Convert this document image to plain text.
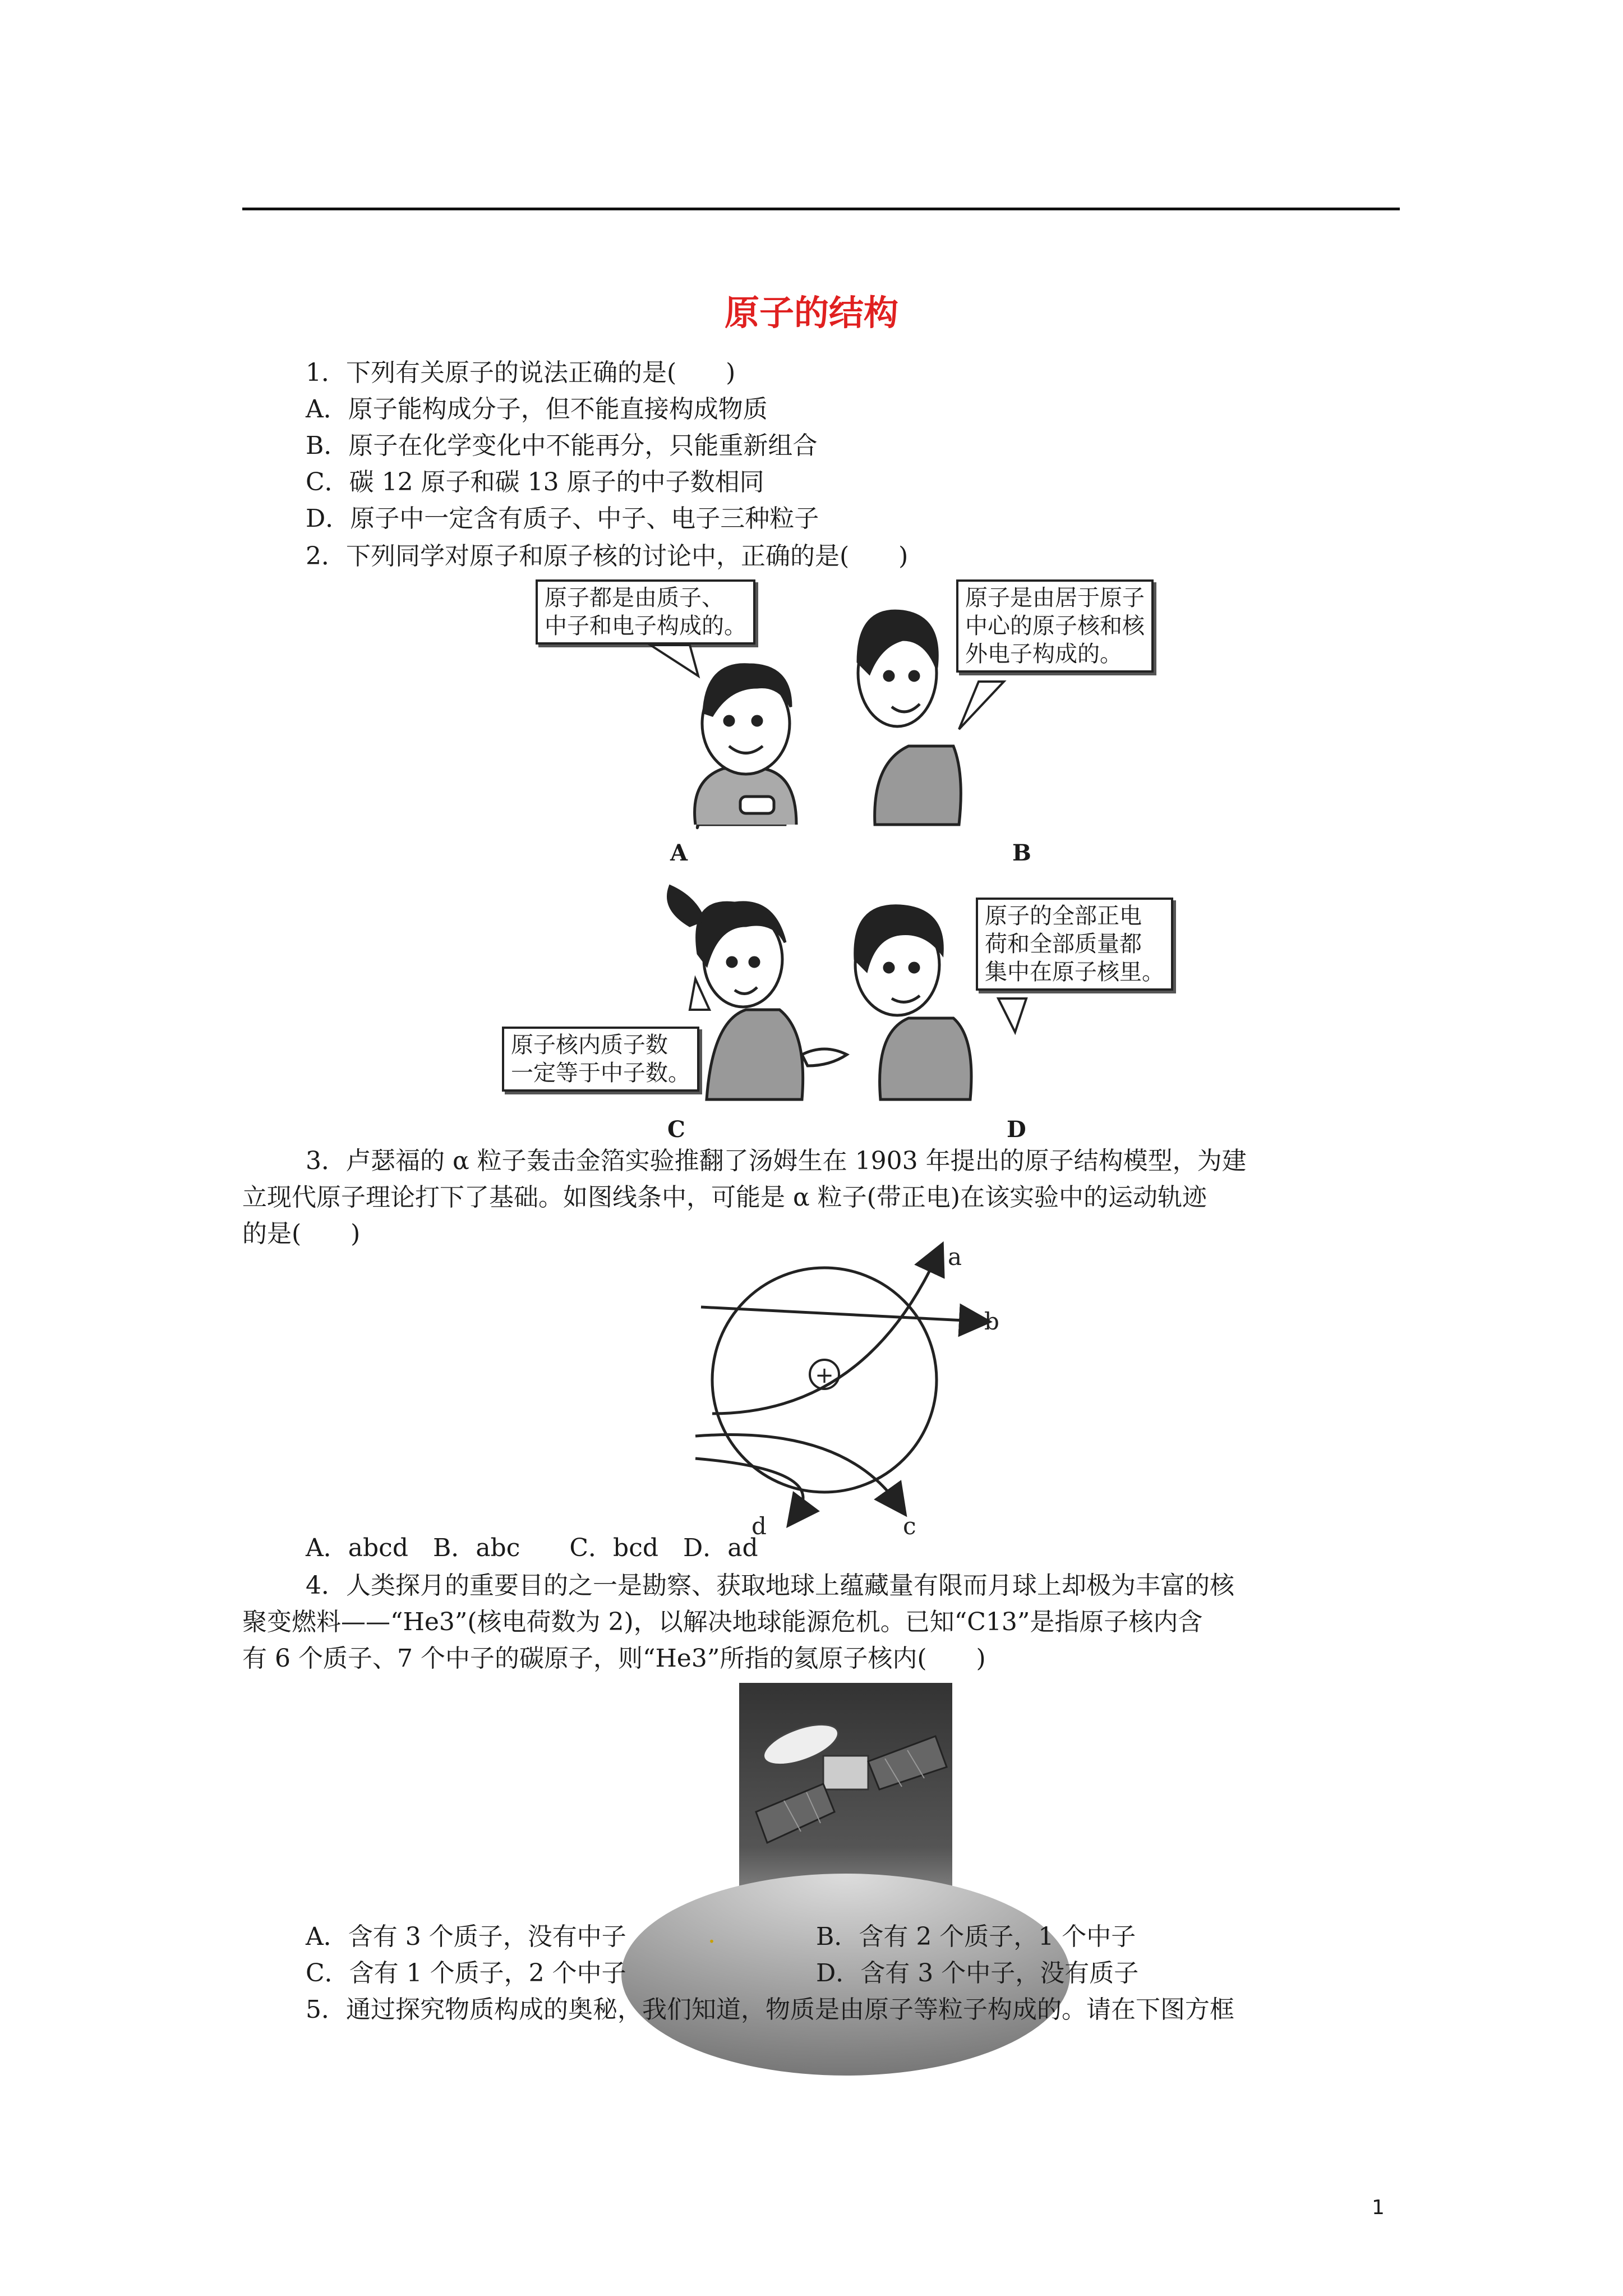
原子的结构
1．下列有关原子的说法正确的是(　　)
A．原子能构成分子，但不能直接构成物质
B．原子在化学变化中不能再分，只能重新组合
C．碳 12 原子和碳 13 原子的中子数相同
D．原子中一定含有质子、中子、电子三种粒子
2．下列同学对原子和原子核的讨论中，正确的是(　　)
原子都是由质子、
中子和电子构成的。
原子是由居于原子
中心的原子核和核
外电子构成的。
A	B
原子的全部正电
荷和全部质量都
集中在原子核里。
原子核内质子数
一定等于中子数。
C	D
3．卢瑟福的 α 粒子轰击金箔实验推翻了汤姆生在 1903 年提出的原子结构模型，为建
立现代原子理论打下了基础。如图线条中，可能是 α 粒子(带正电)在该实验中的运动轨迹
的是(　　)
+
a
b
c
d
A．abcd　B．abc　　C．bcd　D．ad
4．人类探月的重要目的之一是勘察、获取地球上蕴藏量有限而月球上却极为丰富的核
聚变燃料——“He3”(核电荷数为 2)，以解决地球能源危机。已知“C13”是指原子核内含
有 6 个质子、7 个中子的碳原子，则“He3”所指的氦原子核内(　　)
A．含有 3 个质子，没有中子	.	B．含有 2 个质子，1 个中子
C．含有 1 个质子，2 个中子	D．含有 3 个中子，没有质子
5．通过探究物质构成的奥秘，我们知道，物质是由原子等粒子构成的。请在下图方框
1
